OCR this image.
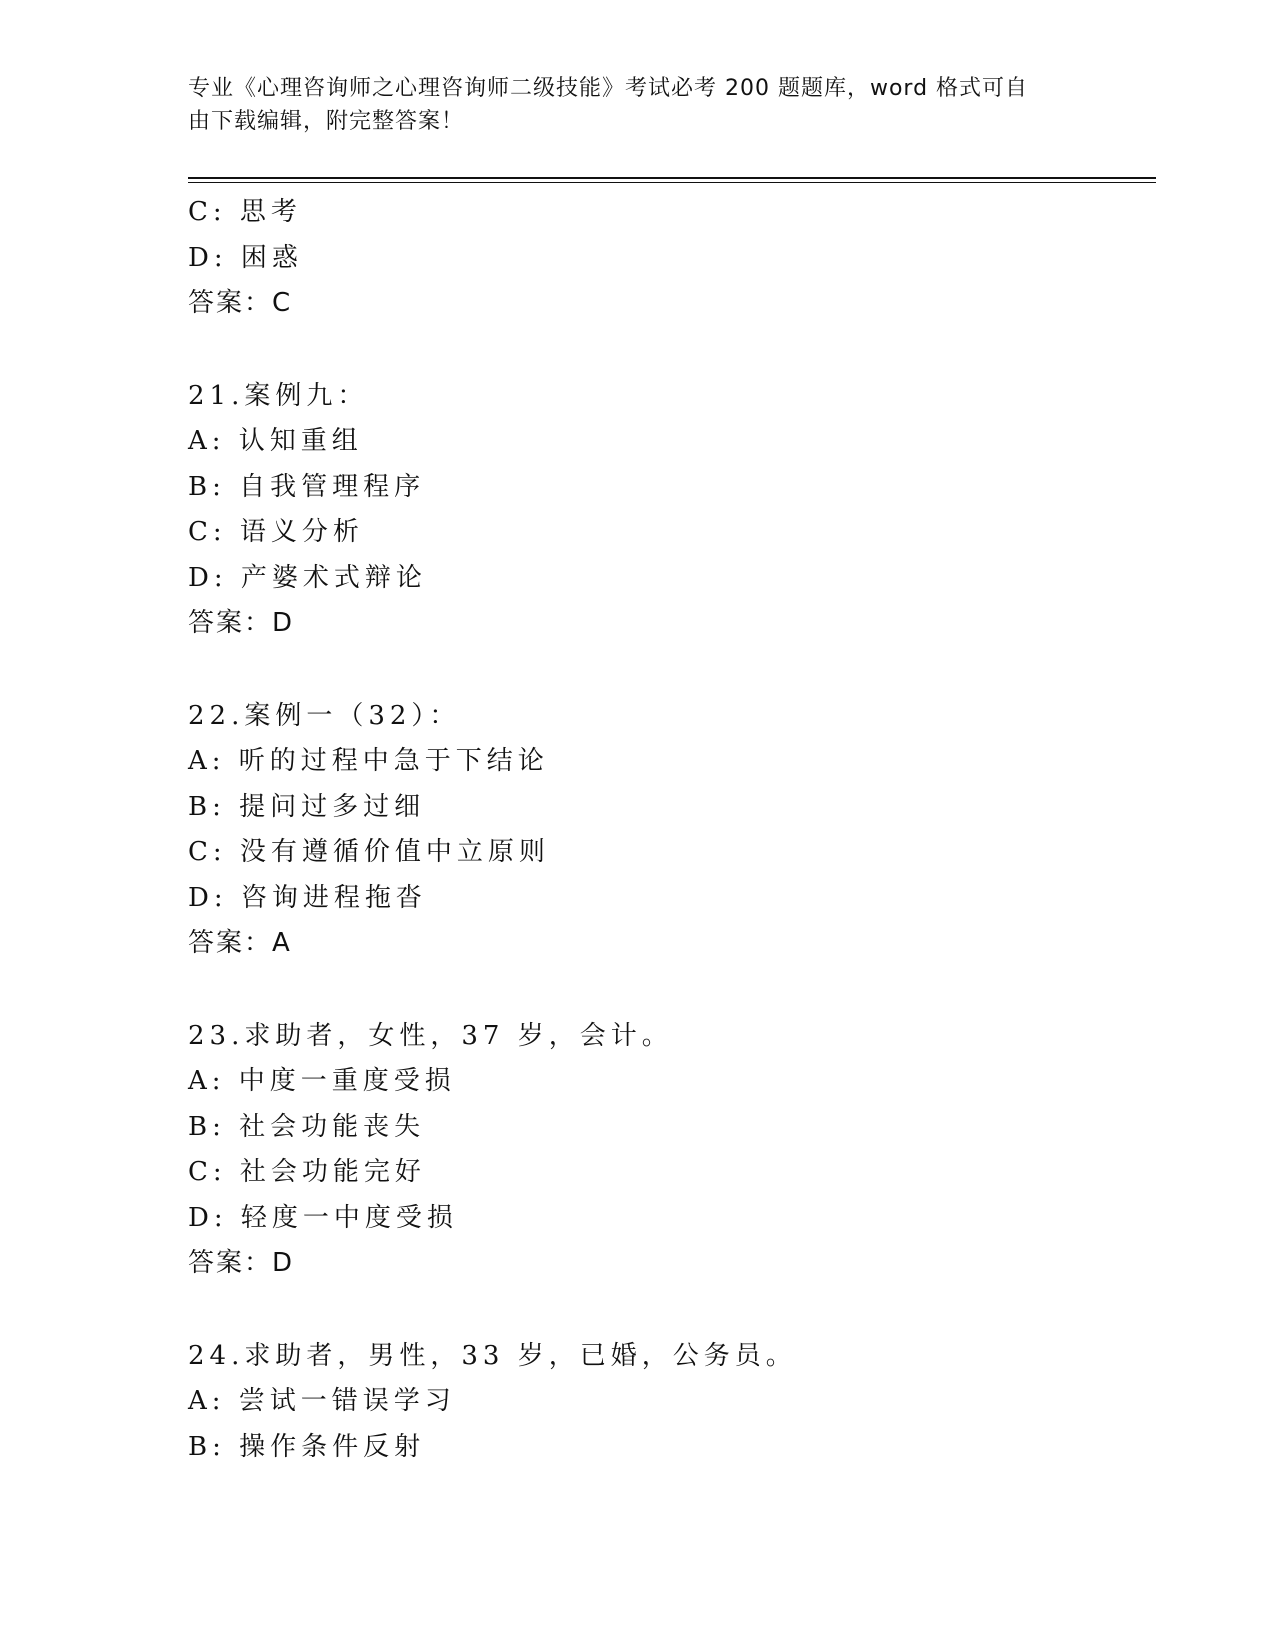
专业《心理咨询师之心理咨询师二级技能》考试必考 200 题题库，word 格式可自
由下载编辑，附完整答案！
C: 思考
D: 困惑
答案：C
21.案例九：
A: 认知重组
B: 自我管理程序
C: 语义分析
D: 产婆术式辩论
答案：D
22.案例一（32）：
A: 听的过程中急于下结论
B: 提问过多过细
C: 没有遵循价值中立原则
D: 咨询进程拖沓
答案：A
23.求助者，女性，37 岁，会计。
A: 中度一重度受损
B: 社会功能丧失
C: 社会功能完好
D: 轻度一中度受损
答案：D
24.求助者，男性，33 岁，已婚，公务员。
A: 尝试一错误学习
B: 操作条件反射
